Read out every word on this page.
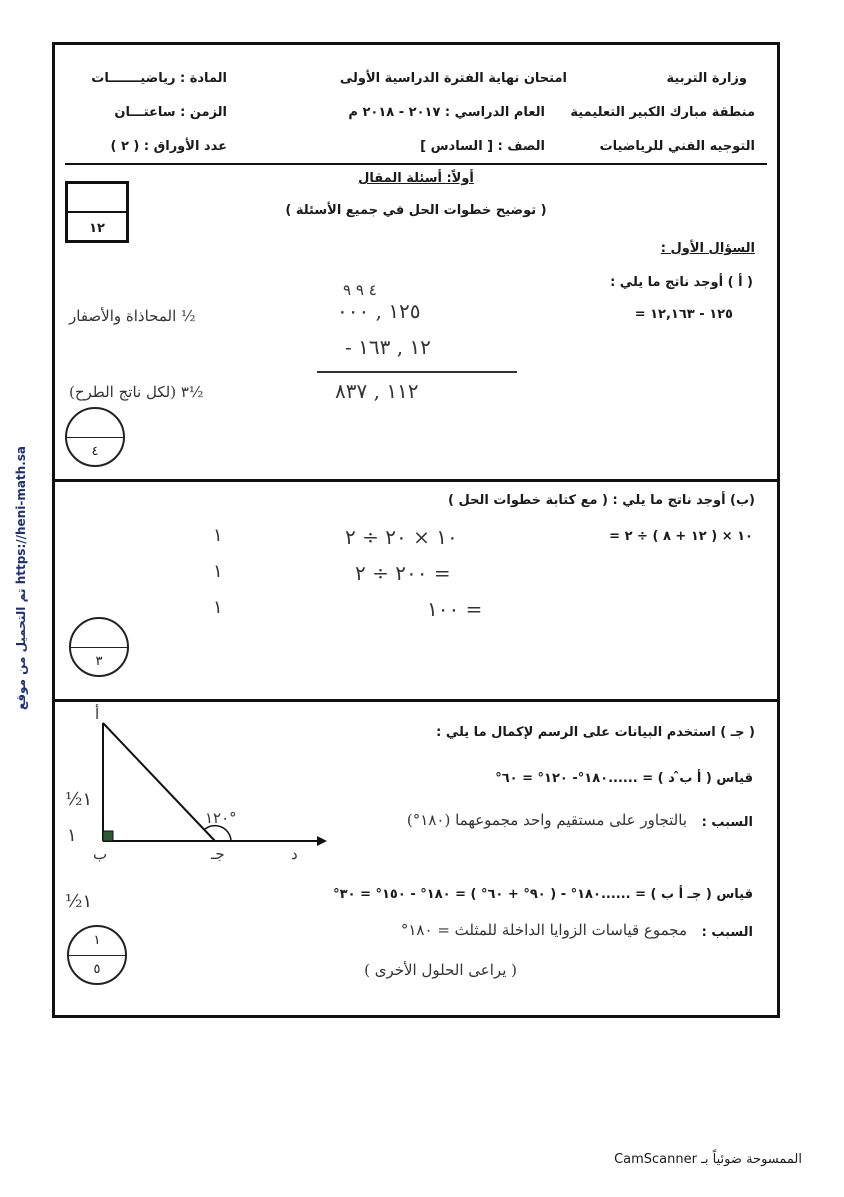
وزارة التربية
منطقة مبارك الكبير التعليمية
التوجيه الفني للرياضيات
امتحان نهاية الفترة الدراسية الأولى
العام الدراسي : ٢٠١٧ - ٢٠١٨ م
الصف : [ السادس ]
المادة : رياضيـــــــات
الزمن : ساعتـــان
عدد الأوراق : ( ٢ )
١٢
أولاً: أسئلة المقال
( توضيح خطوات الحل في جميع الأسئلة )
السؤال الأول :
( أ ) أوجد ناتج ما يلي :
١٢٥ - ١٢,١٦٣ =
٤ ٩ ٩
١٢٥ , ٠٠٠
١٢ , ١٦٣ -
١١٢ , ٨٣٧
½ المحاذاة والأصفار
½٣ (لكل ناتج الطرح)
٤
(ب) أوجد ناتج ما يلي : ( مع كتابة خطوات الحل )
١٠ × ( ١٢ + ٨ ) ÷ ٢ =
١٠ × ٢٠ ÷ ٢
= ٢٠٠ ÷ ٢
= ١٠٠
١
١
١
٣
( جـ ) استخدم البيانات على الرسم لإكمال ما يلي :
١٢٠°
ب	جـ	د
أ
½١
١
½١
قياس ( أ ب̂ د ) = ......١٨٠°- ١٢٠° = ٦٠°
السبب :
بالتجاور على مستقيم واحد مجموعهما (١٨٠°)
قياس ( جـ أ ب ) = ......١٨٠° - ( ٩٠° + ٦٠° ) = ١٨٠° - ١٥٠° = ٣٠°
السبب :
مجموع قياسات الزوايا الداخلة للمثلث = ١٨٠°
( يراعى الحلول الأخرى )
١
٥
تم التحميل من موقع https://heni-math.sa
الممسوحة ضوئياً بـ CamScanner
